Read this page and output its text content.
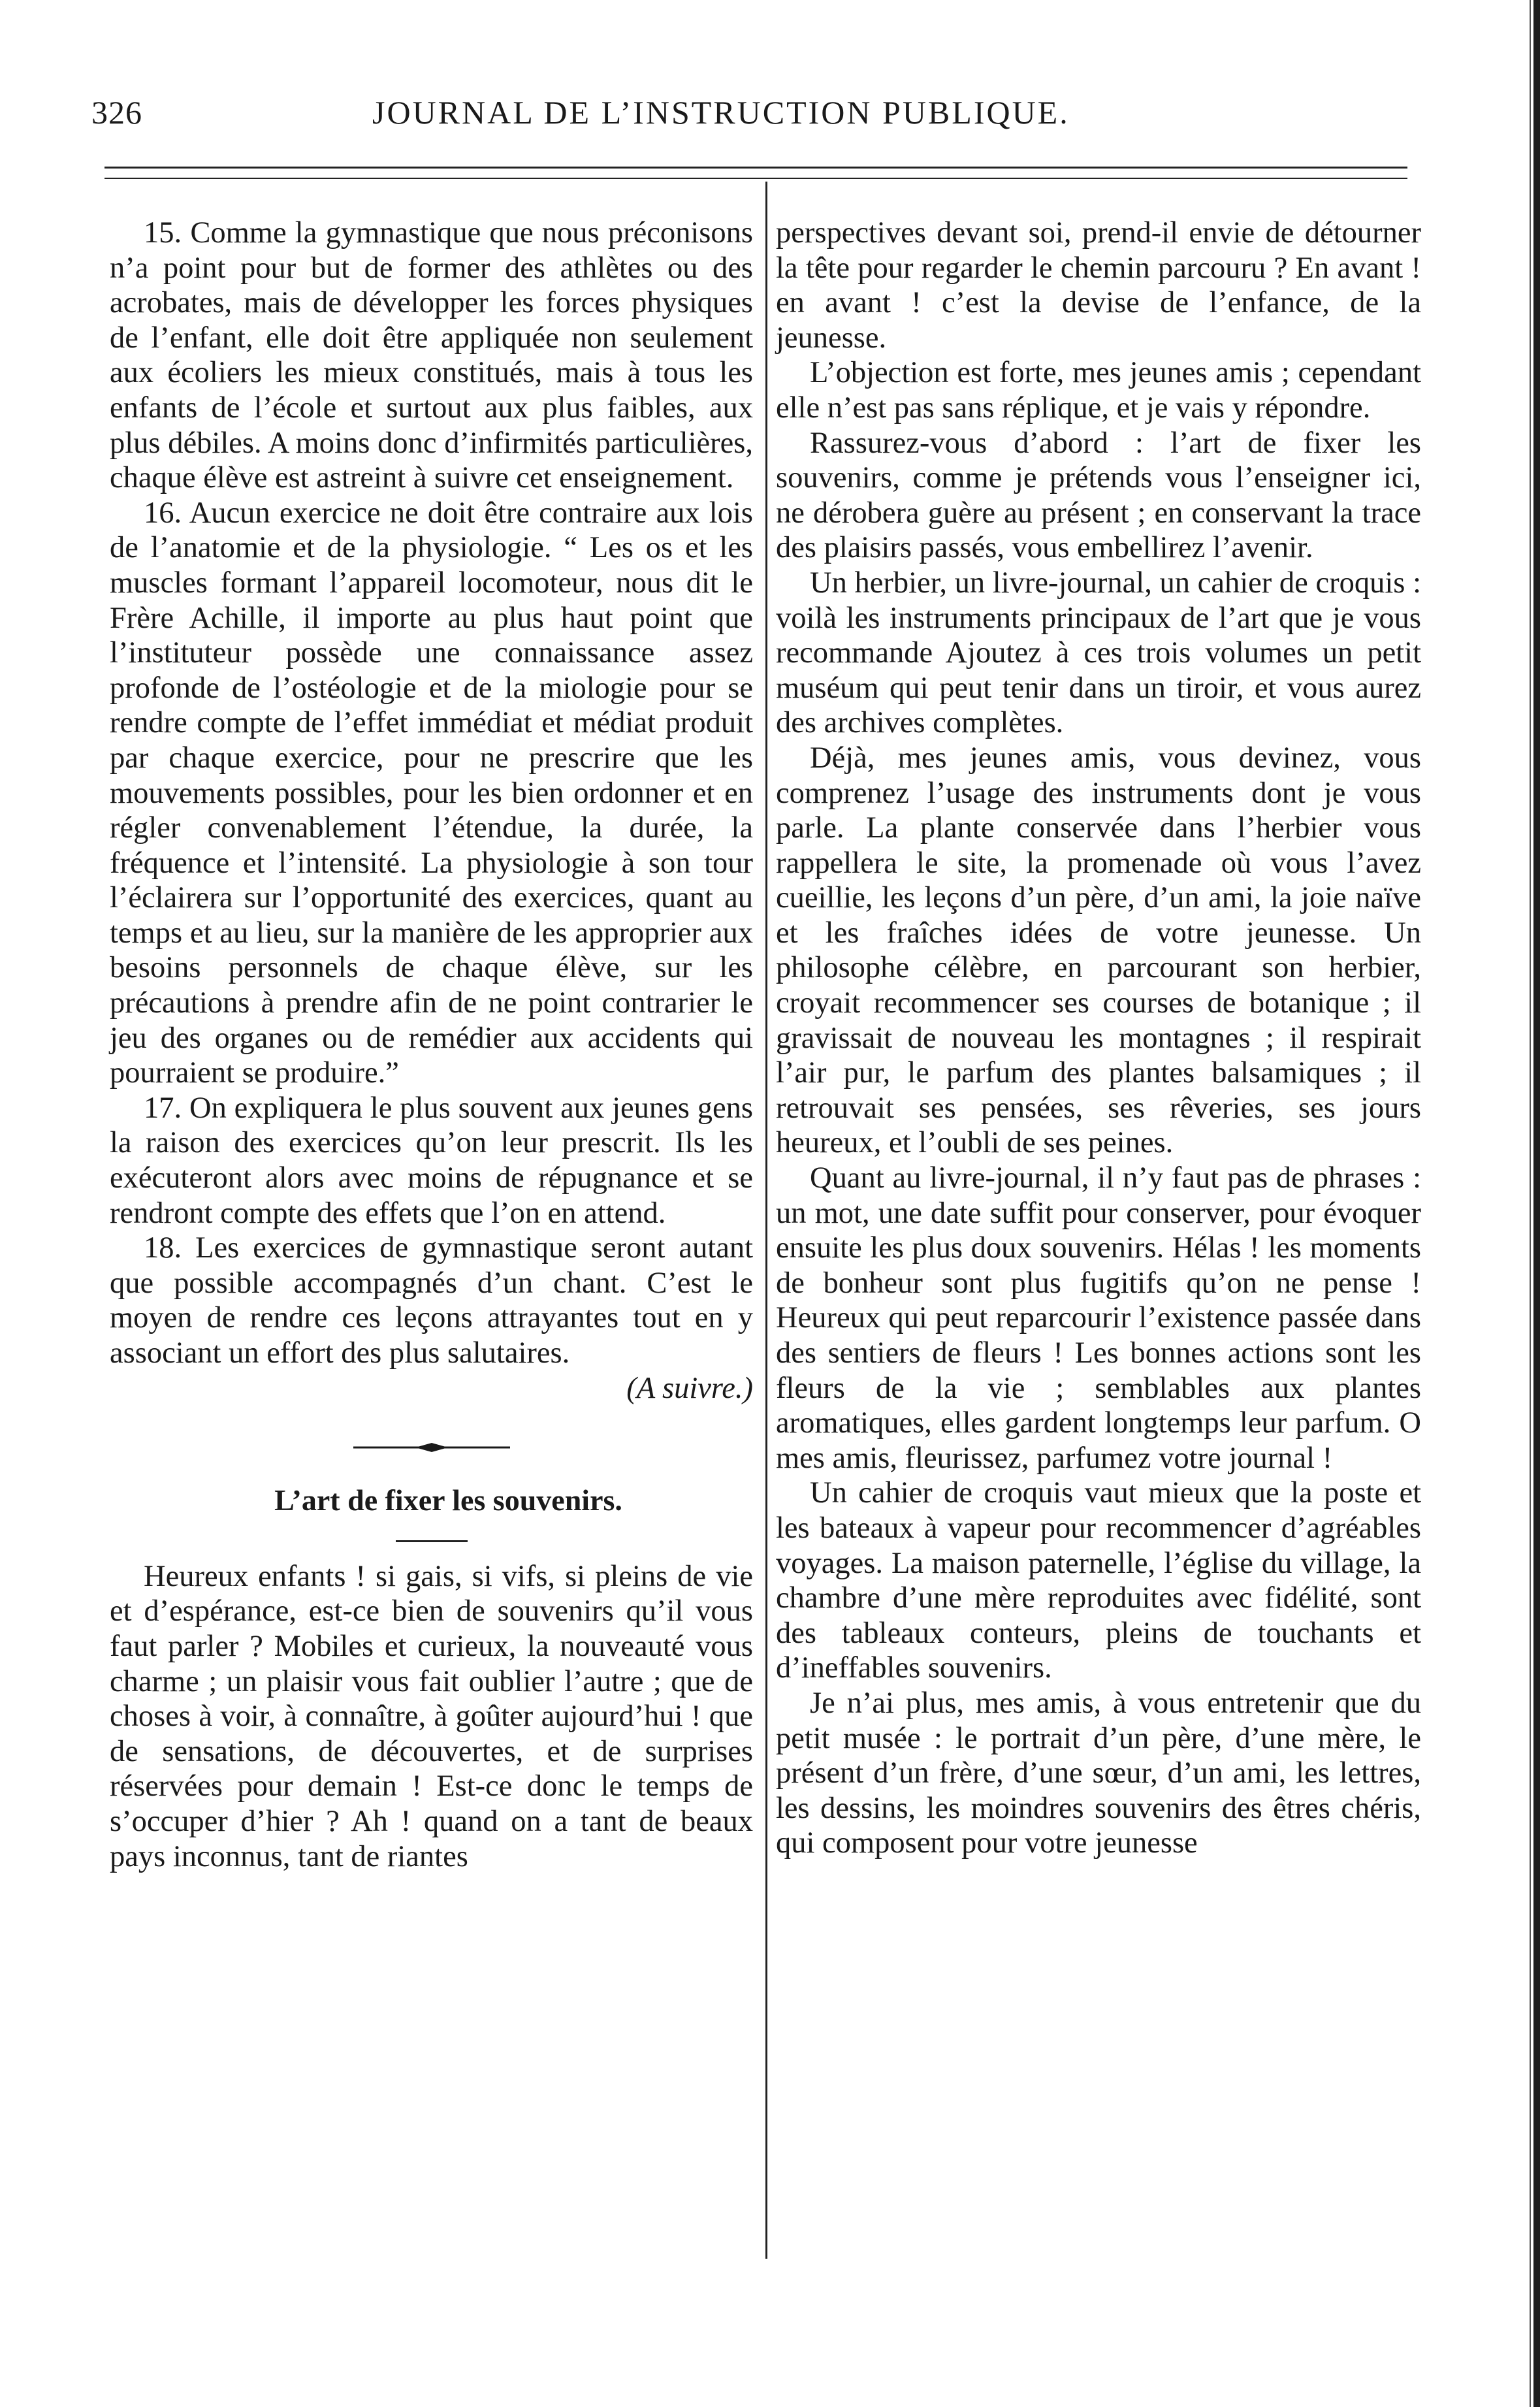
326	JOURNAL DE L’INSTRUCTION PUBLIQUE.

15. Comme la gymnastique que nous préconisons n’a point pour but de former des athlètes ou des acrobates, mais de développer les forces physiques de l’enfant, elle doit être appliquée non seulement aux écoliers les mieux constitués, mais à tous les enfants de l’école et surtout aux plus faibles, aux plus débiles. A moins donc d’infirmités particulières, chaque élève est astreint à suivre cet enseignement.

16. Aucun exercice ne doit être contraire aux lois de l’anatomie et de la physiologie. “ Les os et les muscles formant l’appareil locomoteur, nous dit le Frère Achille, il importe au plus haut point que l’instituteur possède une connaissance assez profonde de l’ostéologie et de la miologie pour se rendre compte de l’effet immédiat et médiat produit par chaque exercice, pour ne prescrire que les mouvements possibles, pour les bien ordonner et en régler convenablement l’étendue, la durée, la fréquence et l’intensité. La physiologie à son tour l’éclairera sur l’opportunité des exercices, quant au temps et au lieu, sur la manière de les approprier aux besoins personnels de chaque élève, sur les précautions à prendre afin de ne point contrarier le jeu des organes ou de remédier aux accidents qui pourraient se produire.”

17. On expliquera le plus souvent aux jeunes gens la raison des exercices qu’on leur prescrit. Ils les exécuteront alors avec moins de répugnance et se rendront compte des effets que l’on en attend.

18. Les exercices de gymnastique seront autant que possible accompagnés d’un chant. C’est le moyen de rendre ces leçons attrayantes tout en y associant un effort des plus salutaires.

(A suivre.)

L’art de fixer les souvenirs.

Heureux enfants ! si gais, si vifs, si pleins de vie et d’espérance, est-ce bien de souvenirs qu’il vous faut parler ? Mobiles et curieux, la nouveauté vous charme ; un plaisir vous fait oublier l’autre ; que de choses à voir, à connaître, à goûter aujourd’hui ! que de sensations, de découvertes, et de surprises réservées pour demain ! Est-ce donc le temps de s’occuper d’hier ? Ah ! quand on a tant de beaux pays inconnus, tant de riantes

perspectives devant soi, prend-il envie de détourner la tête pour regarder le chemin parcouru ? En avant ! en avant ! c’est la devise de l’enfance, de la jeunesse.

L’objection est forte, mes jeunes amis ; cependant elle n’est pas sans réplique, et je vais y répondre.

Rassurez-vous d’abord : l’art de fixer les souvenirs, comme je prétends vous l’enseigner ici, ne dérobera guère au présent ; en conservant la trace des plaisirs passés, vous embellirez l’avenir.

Un herbier, un livre-journal, un cahier de croquis : voilà les instruments principaux de l’art que je vous recommande Ajoutez à ces trois volumes un petit muséum qui peut tenir dans un tiroir, et vous aurez des archives complètes.

Déjà, mes jeunes amis, vous devinez, vous comprenez l’usage des instruments dont je vous parle. La plante conservée dans l’herbier vous rappellera le site, la promenade où vous l’avez cueillie, les leçons d’un père, d’un ami, la joie naïve et les fraîches idées de votre jeunesse. Un philosophe célèbre, en parcourant son herbier, croyait recommencer ses courses de botanique ; il gravissait de nouveau les montagnes ; il respirait l’air pur, le parfum des plantes balsamiques ; il retrouvait ses pensées, ses rêveries, ses jours heureux, et l’oubli de ses peines.

Quant au livre-journal, il n’y faut pas de phrases : un mot, une date suffit pour conserver, pour évoquer ensuite les plus doux souvenirs. Hélas ! les moments de bonheur sont plus fugitifs qu’on ne pense ! Heureux qui peut reparcourir l’existence passée dans des sentiers de fleurs ! Les bonnes actions sont les fleurs de la vie ; semblables aux plantes aromatiques, elles gardent longtemps leur parfum. O mes amis, fleurissez, parfumez votre journal !

Un cahier de croquis vaut mieux que la poste et les bateaux à vapeur pour recommencer d’agréables voyages. La maison paternelle, l’église du village, la chambre d’une mère reproduites avec fidélité, sont des tableaux conteurs, pleins de touchants et d’ineffables souvenirs.

Je n’ai plus, mes amis, à vous entretenir que du petit musée : le portrait d’un père, d’une mère, le présent d’un frère, d’une sœur, d’un ami, les lettres, les dessins, les moindres souvenirs des êtres chéris, qui composent pour votre jeunesse
